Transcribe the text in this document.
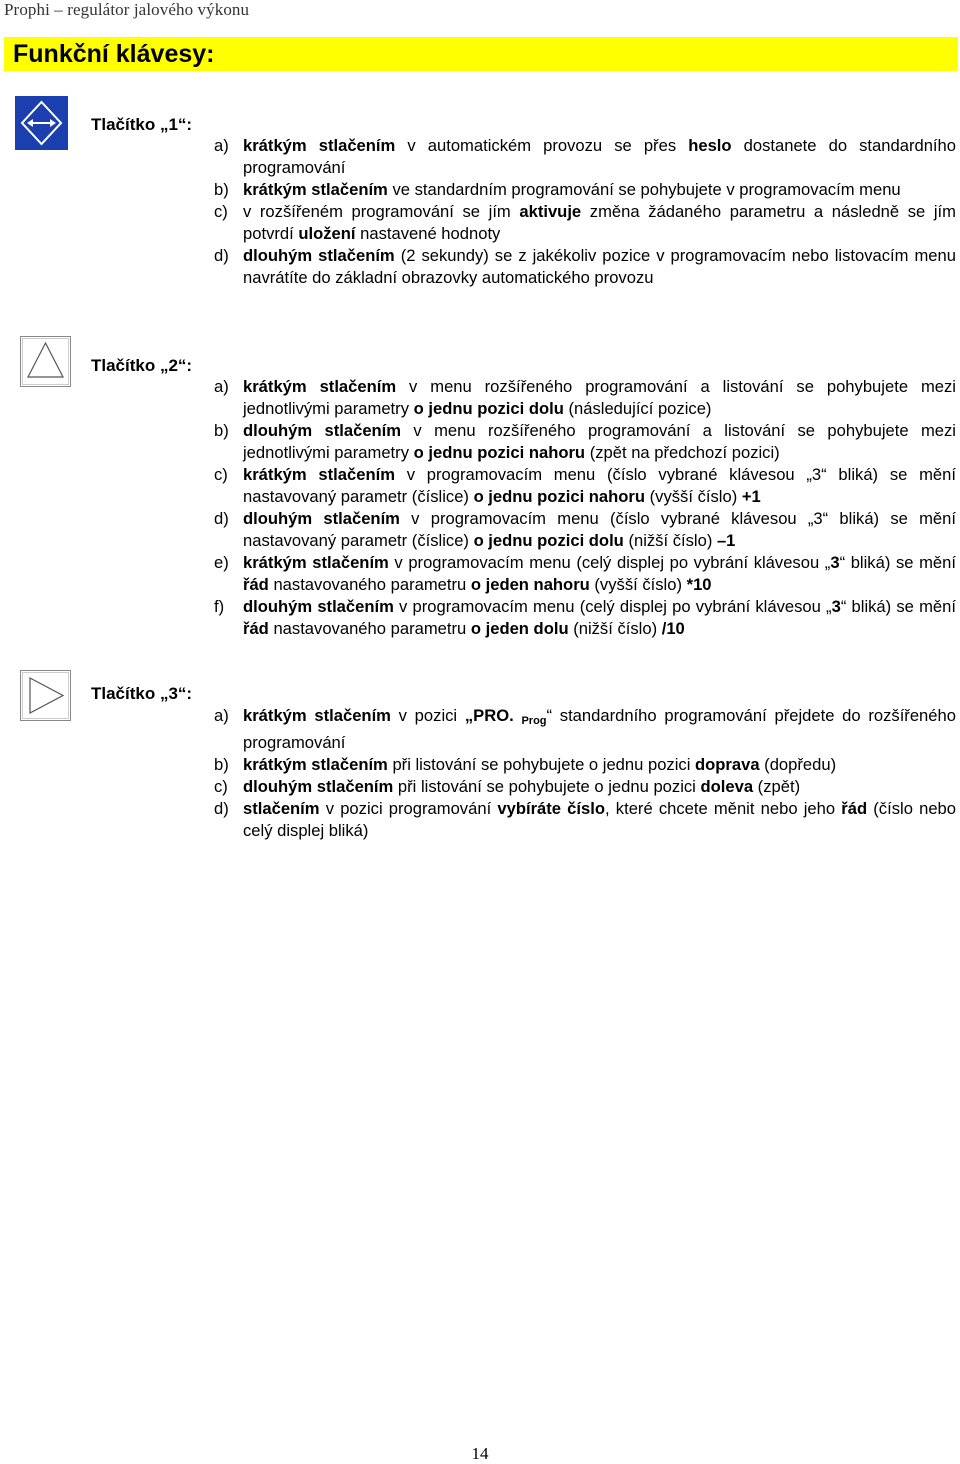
Prophi – regulátor jalového výkonu
Funkční klávesy:
Tlačítko „1“:
a) krátkým stlačením v automatickém provozu se přes heslo dostanete do standardního programování
b) krátkým stlačením ve standardním programování se pohybujete v programovacím menu
c) v rozšířeném programování se jím aktivuje změna žádaného parametru a následně se jím potvrdí uložení nastavené hodnoty
d) dlouhým stlačením (2 sekundy) se z jakékoliv pozice v programovacím nebo listovacím menu navrátíte do základní obrazovky automatického provozu
Tlačítko „2“:
a) krátkým stlačením v menu rozšířeného programování a listování se pohybujete mezi jednotlivými parametry o jednu pozici dolu (následující pozice)
b) dlouhým stlačením v menu rozšířeného programování a listování se pohybujete mezi jednotlivými parametry o jednu pozici nahoru (zpět na předchozí pozici)
c) krátkým stlačením v programovacím menu (číslo vybrané klávesou „3“ bliká) se mění nastavovaný parametr (číslice) o jednu pozici nahoru (vyšší číslo) +1
d) dlouhým stlačením v programovacím menu (číslo vybrané klávesou „3“ bliká) se mění nastavovaný parametr (číslice) o jednu pozici dolu (nižší číslo) –1
e) krátkým stlačením v programovacím menu (celý displej po vybrání klávesou „3“ bliká) se mění řád nastavovaného parametru o jeden nahoru (vyšší číslo) *10
f)	dlouhým stlačením v programovacím menu (celý displej po vybrání klávesou „3“ bliká) se mění řád nastavovaného parametru o jeden dolu (nižší číslo) /10
Tlačítko „3“:
a) krátkým stlačením v pozici „PRO. $_{Prog}$“ standardního programování přejdete do rozšířeného programování
b) krátkým stlačením při listování se pohybujete o jednu pozici doprava (dopředu)
c) dlouhým stlačením při listování se pohybujete o jednu pozici doleva (zpět)
d) stlačením v pozici programování vybíráte číslo, které chcete měnit nebo jeho řád (číslo nebo celý displej bliká)
14
